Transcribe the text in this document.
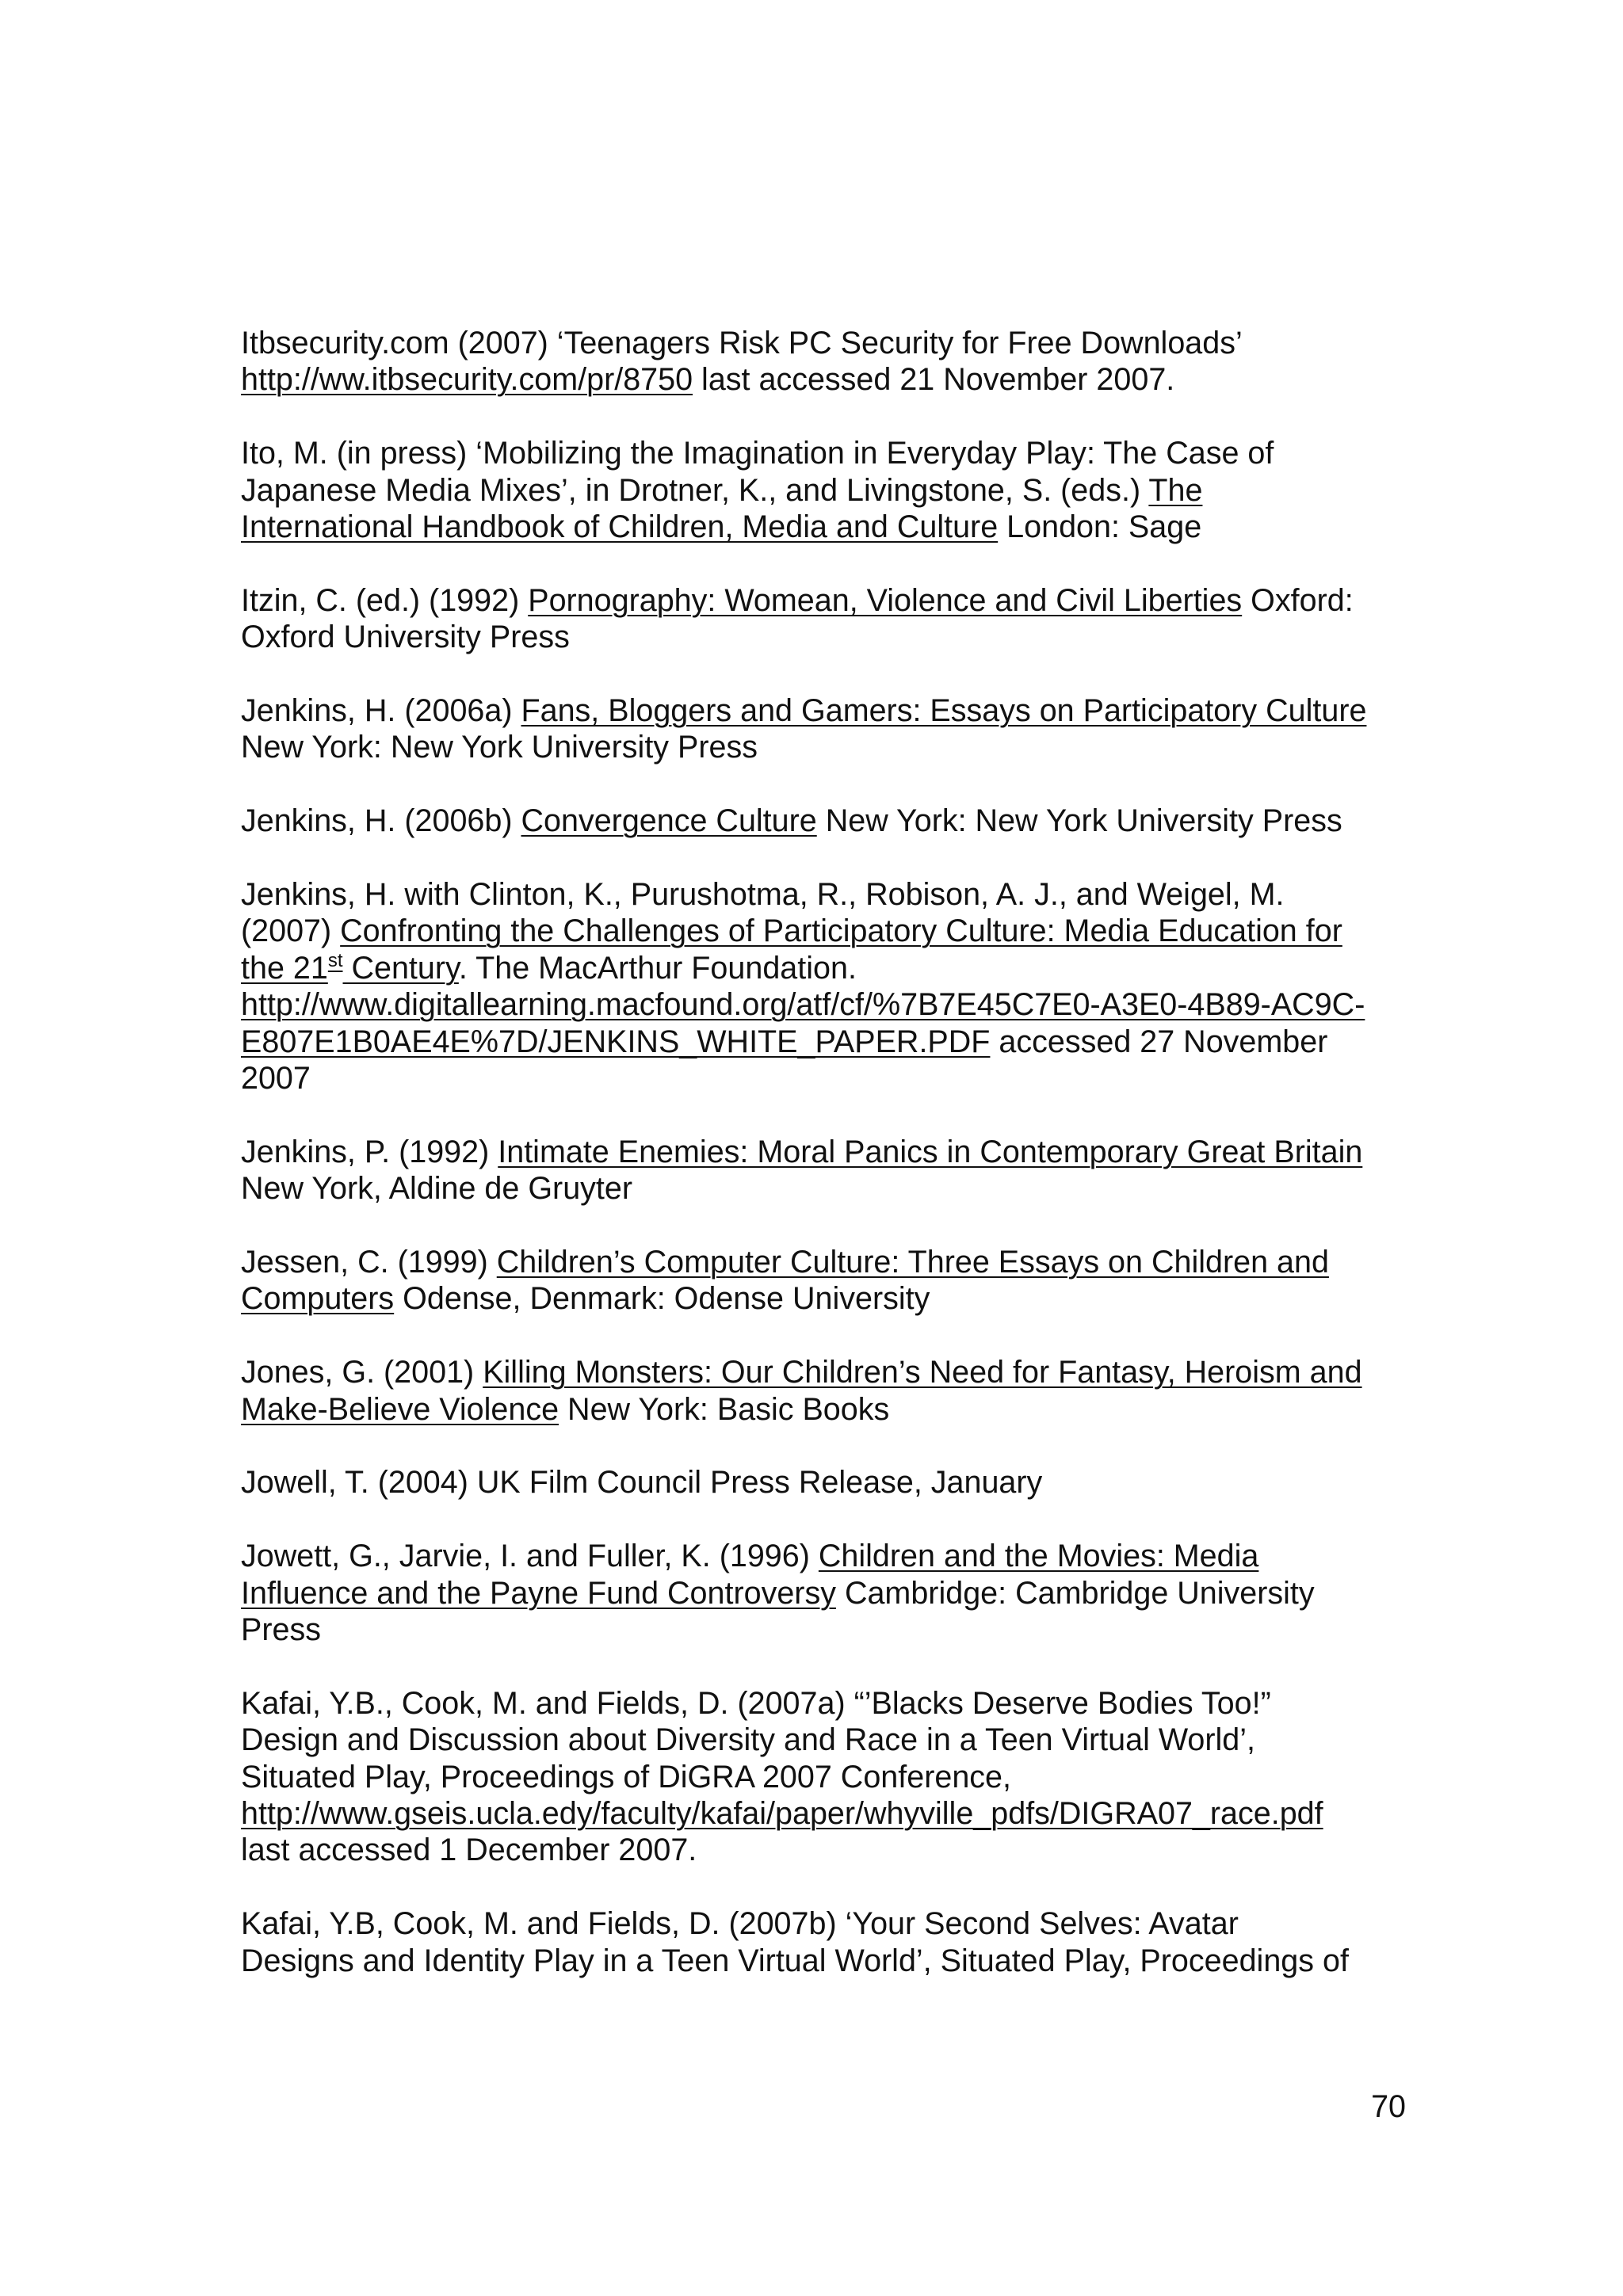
Itbsecurity.com (2007) ‘Teenagers Risk PC Security for Free Downloads’
http://ww.itbsecurity.com/pr/8750 last accessed 21 November 2007.

Ito, M. (in press) ‘Mobilizing the Imagination in Everyday Play: The Case of
Japanese Media Mixes’, in Drotner, K., and Livingstone, S. (eds.) The
International Handbook of Children, Media and Culture London: Sage

Itzin, C. (ed.) (1992) Pornography: Womean, Violence and Civil Liberties Oxford:
Oxford University Press

Jenkins, H. (2006a) Fans, Bloggers and Gamers: Essays on Participatory Culture
New York: New York University Press

Jenkins, H. (2006b) Convergence Culture New York: New York University Press

Jenkins, H. with Clinton, K., Purushotma, R., Robison, A. J., and Weigel, M.
(2007) Confronting the Challenges of Participatory Culture: Media Education for
the 21st Century. The MacArthur Foundation.
http://www.digitallearning.macfound.org/atf/cf/%7B7E45C7E0-A3E0-4B89-AC9C-
E807E1B0AE4E%7D/JENKINS_WHITE_PAPER.PDF accessed 27 November
2007

Jenkins, P. (1992) Intimate Enemies: Moral Panics in Contemporary Great Britain
New York, Aldine de Gruyter

Jessen, C. (1999) Children’s Computer Culture: Three Essays on Children and
Computers Odense, Denmark: Odense University

Jones, G. (2001) Killing Monsters: Our Children’s Need for Fantasy, Heroism and
Make-Believe Violence New York: Basic Books

Jowell, T. (2004) UK Film Council Press Release, January

Jowett, G., Jarvie, I. and Fuller, K. (1996) Children and the Movies: Media
Influence and the Payne Fund Controversy Cambridge: Cambridge University
Press

Kafai, Y.B., Cook, M. and Fields, D. (2007a) “’Blacks Deserve Bodies Too!”
Design and Discussion about Diversity and Race in a Teen Virtual World’,
Situated Play, Proceedings of DiGRA 2007 Conference,
http://www.gseis.ucla.edy/faculty/kafai/paper/whyville_pdfs/DIGRA07_race.pdf
last accessed 1 December 2007.

Kafai, Y.B, Cook, M. and Fields, D. (2007b) ‘Your Second Selves: Avatar
Designs and Identity Play in a Teen Virtual World’, Situated Play, Proceedings of

70
